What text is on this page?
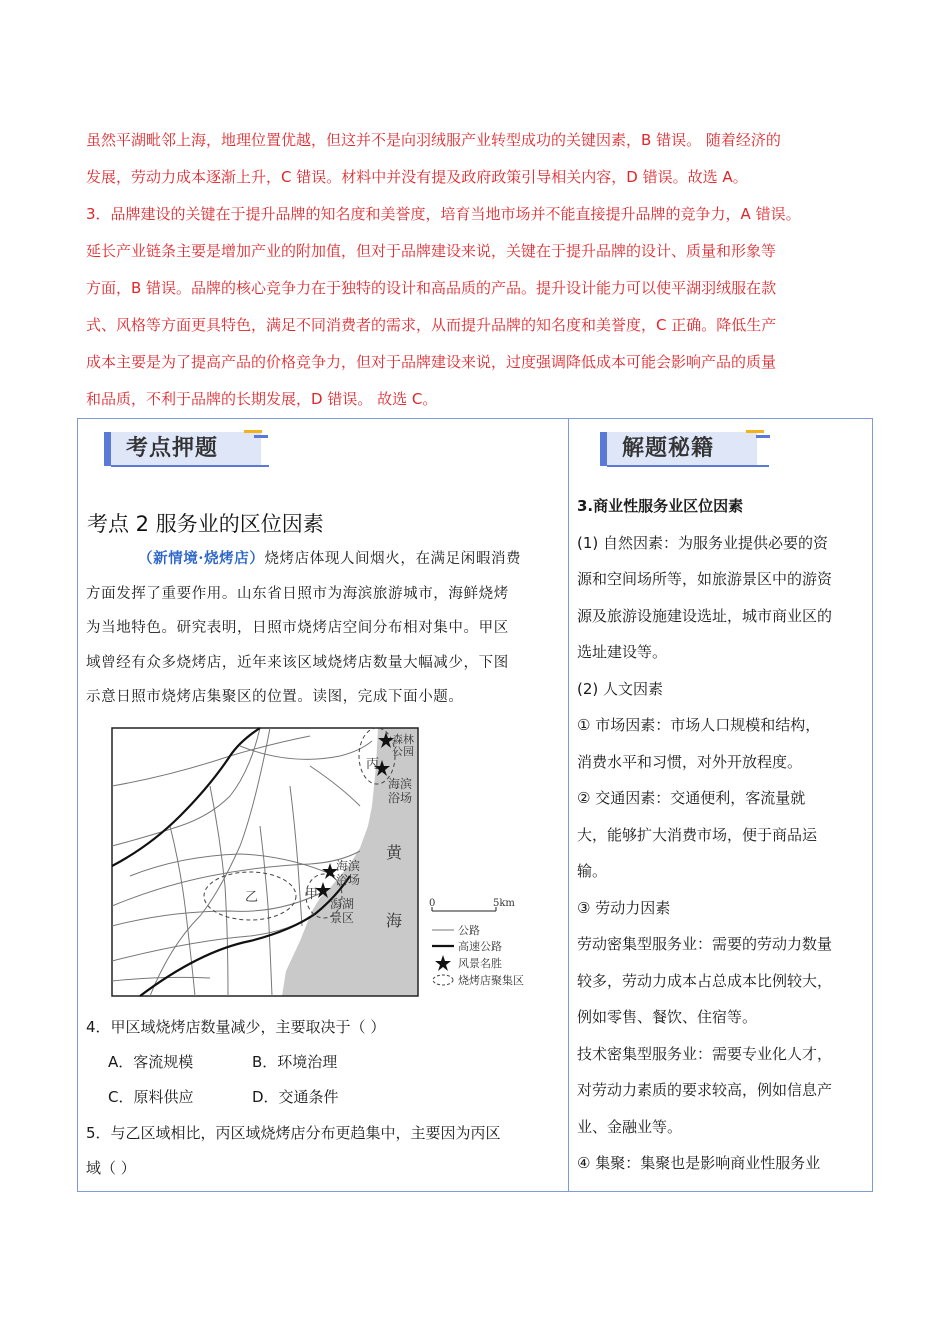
虽然平湖毗邻上海，地理位置优越，但这并不是向羽绒服产业转型成功的关键因素，B 错误。 随着经济的
发展，劳动力成本逐渐上升，C 错误。材料中并没有提及政府政策引导相关内容，D 错误。故选 A。
3．品牌建设的关键在于提升品牌的知名度和美誉度，培育当地市场并不能直接提升品牌的竞争力，A 错误。
延长产业链条主要是增加产业的附加值，但对于品牌建设来说，关键在于提升品牌的设计、质量和形象等
方面，B 错误。品牌的核心竞争力在于独特的设计和高品质的产品。提升设计能力可以使平湖羽绒服在款
式、风格等方面更具特色，满足不同消费者的需求，从而提升品牌的知名度和美誉度，C 正确。降低生产
成本主要是为了提高产品的价格竞争力，但对于品牌建设来说，过度强调降低成本可能会影响产品的质量
和品质，不利于品牌的长期发展，D 错误。 故选 C。
考点押题	解题秘籍
考点 2 服务业的区位因素
（新情境·烧烤店）烧烤店体现人间烟火，在满足闲暇消费
方面发挥了重要作用。山东省日照市为海滨旅游城市，海鲜烧烤
为当地特色。研究表明，日照市烧烤店空间分布相对集中。甲区
域曾经有众多烧烤店，近年来该区域烧烤店数量大幅减少，下图
示意日照市烧烤店集聚区的位置。读图，完成下面小题。
森林
公园
丙
海滨
浴场
海滨
浴场
甲
潟湖
景区
乙
黄
海
0	5km
公路
高速公路
风景名胜
烧烤店聚集区
4．甲区域烧烤店数量减少，主要取决于（ ）
A．客流规模	B．环境治理
C．原料供应	D．交通条件
5．与乙区域相比，丙区域烧烤店分布更趋集中，主要因为丙区
域（ ）
3.商业性服务业区位因素
(1) 自然因素：为服务业提供必要的资
源和空间场所等，如旅游景区中的游资
源及旅游设施建设选址，城市商业区的
选址建设等。
(2) 人文因素
① 市场因素：市场人口规模和结构，
消费水平和习惯，对外开放程度。
② 交通因素：交通便利，客流量就
大，能够扩大消费市场，便于商品运
输。
③ 劳动力因素
劳动密集型服务业：需要的劳动力数量
较多，劳动力成本占总成本比例较大，
例如零售、餐饮、住宿等。
技术密集型服务业：需要专业化人才，
对劳动力素质的要求较高，例如信息产
业、金融业等。
④ 集聚：集聚也是影响商业性服务业
